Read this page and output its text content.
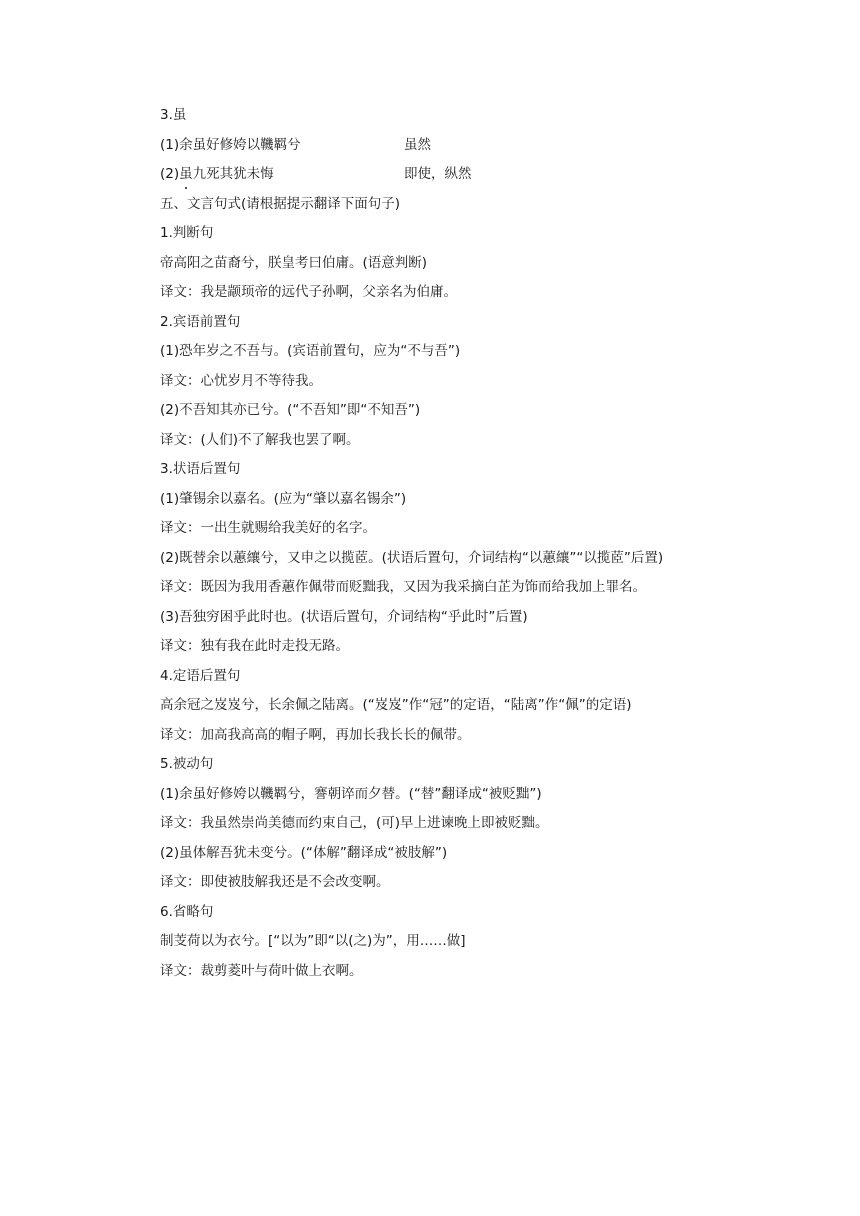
3.虽

(1)余虽好修姱以鞿羁兮	虽然
(2)虽九死其犹未悔	即使，纵然

五、文言句式(请根据提示翻译下面句子)

1.判断句

帝高阳之苗裔兮，朕皇考曰伯庸。(语意判断)

译文：我是颛顼帝的远代子孙啊，父亲名为伯庸。

2.宾语前置句

(1)恐年岁之不吾与。(宾语前置句，应为“不与吾”)

译文：心忧岁月不等待我。

(2)不吾知其亦已兮。(“不吾知”即“不知吾”)

译文：(人们)不了解我也罢了啊。

3.状语后置句

(1)肇锡余以嘉名。(应为“肇以嘉名锡余”)

译文：一出生就赐给我美好的名字。

(2)既替余以蕙纕兮，又申之以揽茝。(状语后置句，介词结构“以蕙纕”“以揽茝”后置)

译文：既因为我用香蕙作佩带而贬黜我，又因为我采摘白芷为饰而给我加上罪名。

(3)吾独穷困乎此时也。(状语后置句，介词结构“乎此时”后置)

译文：独有我在此时走投无路。

4.定语后置句

高余冠之岌岌兮，长余佩之陆离。(“岌岌”作“冠”的定语，“陆离”作“佩”的定语)

译文：加高我高高的帽子啊，再加长我长长的佩带。

5.被动句

(1)余虽好修姱以鞿羁兮，謇朝谇而夕替。(“替”翻译成“被贬黜”)

译文：我虽然崇尚美德而约束自己，(可)早上进谏晚上即被贬黜。

(2)虽体解吾犹未变兮。(“体解”翻译成“被肢解”)

译文：即使被肢解我还是不会改变啊。

6.省略句

制芰荷以为衣兮。[“以为”即“以(之)为”，用……做]

译文：裁剪菱叶与荷叶做上衣啊。
